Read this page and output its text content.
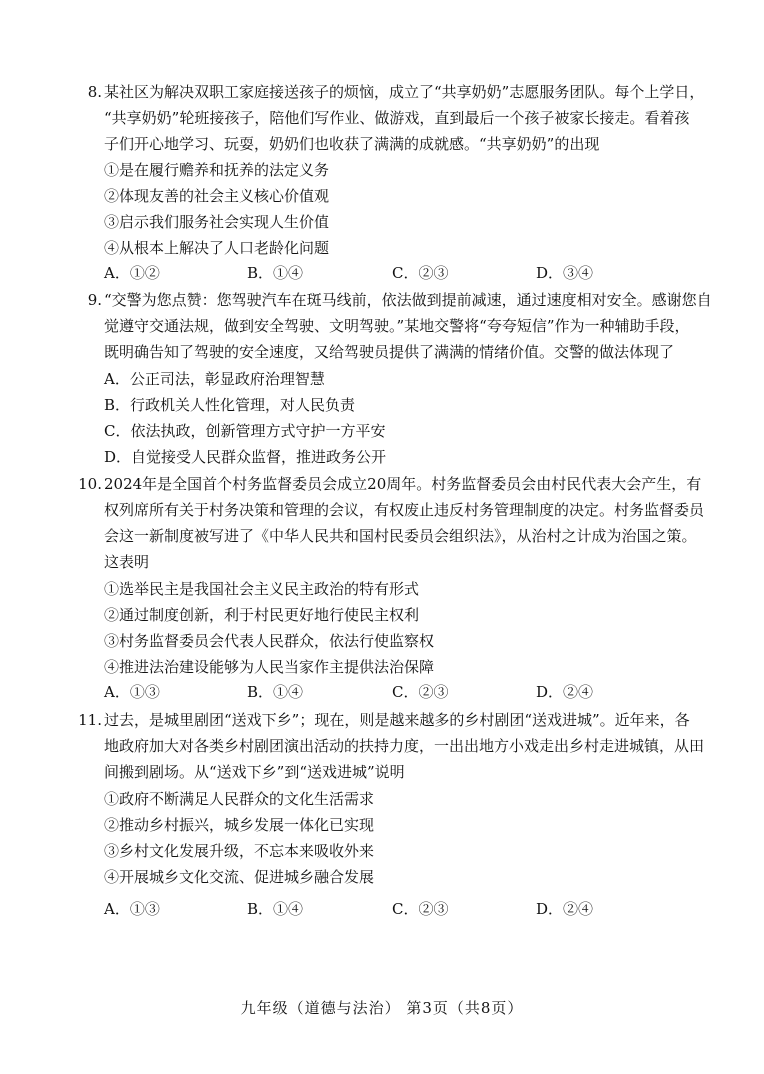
8. 某社区为解决双职工家庭接送孩子的烦恼，成立了“共享奶奶”志愿服务团队。每个上学日，
“共享奶奶”轮班接孩子，陪他们写作业、做游戏，直到最后一个孩子被家长接走。看着孩
子们开心地学习、玩耍，奶奶们也收获了满满的成就感。“共享奶奶”的出现
①是在履行赡养和抚养的法定义务
②体现友善的社会主义核心价值观
③启示我们服务社会实现人生价值
④从根本上解决了人口老龄化问题
A．①②	B．①④	C．②③	D．③④
9. “交警为您点赞：您驾驶汽车在斑马线前，依法做到提前减速，通过速度相对安全。感谢您自
觉遵守交通法规，做到安全驾驶、文明驾驶。”某地交警将“夸夸短信”作为一种辅助手段，
既明确告知了驾驶的安全速度，又给驾驶员提供了满满的情绪价值。交警的做法体现了
A．公正司法，彰显政府治理智慧
B．行政机关人性化管理，对人民负责
C．依法执政，创新管理方式守护一方平安
D．自觉接受人民群众监督，推进政务公开
10. 2024年是全国首个村务监督委员会成立20周年。村务监督委员会由村民代表大会产生，有
权列席所有关于村务决策和管理的会议，有权废止违反村务管理制度的决定。村务监督委员
会这一新制度被写进了《中华人民共和国村民委员会组织法》，从治村之计成为治国之策。
这表明
①选举民主是我国社会主义民主政治的特有形式
②通过制度创新，利于村民更好地行使民主权利
③村务监督委员会代表人民群众，依法行使监察权
④推进法治建设能够为人民当家作主提供法治保障
A．①③	B．①④	C．②③	D．②④
11. 过去，是城里剧团“送戏下乡”；现在，则是越来越多的乡村剧团“送戏进城”。近年来，各
地政府加大对各类乡村剧团演出活动的扶持力度，一出出地方小戏走出乡村走进城镇，从田
间搬到剧场。从“送戏下乡”到“送戏进城”说明
①政府不断满足人民群众的文化生活需求
②推动乡村振兴，城乡发展一体化已实现
③乡村文化发展升级，不忘本来吸收外来
④开展城乡文化交流、促进城乡融合发展
A．①③	B．①④	C．②③	D．②④
九年级（道德与法治） 第3页（共8页）
